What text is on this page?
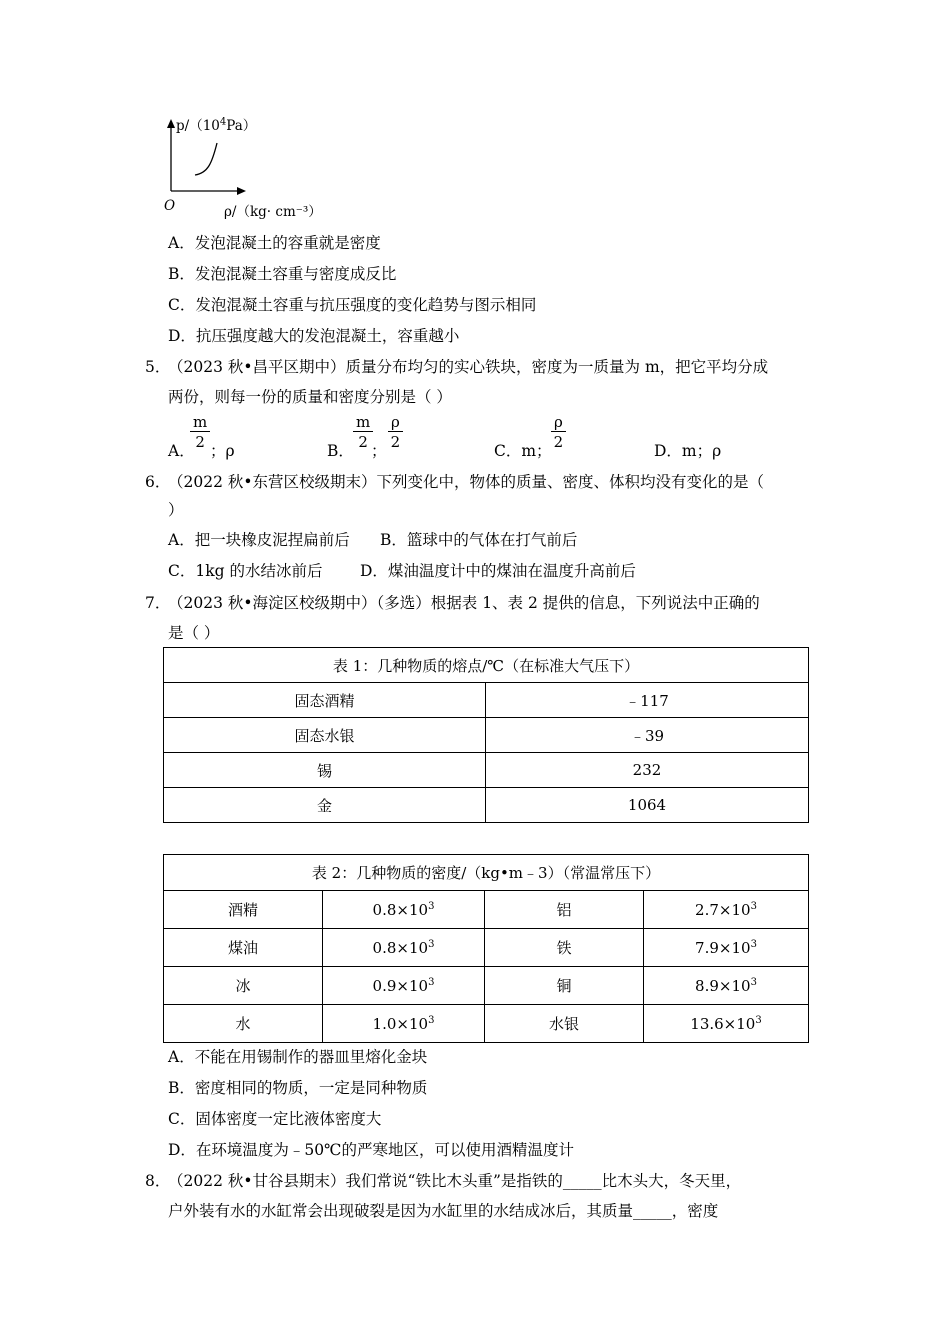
$p/(10^4Pa)$
O	ρ/（kg· cm⁻³）
A．发泡混凝土的容重就是密度
B．发泡混凝土容重与密度成反比
C．发泡混凝土容重与抗压强度的变化趋势与图示相同
D．抗压强度越大的发泡混凝土，容重越小
5．
（2023 秋•昌平区期中）质量分布均匀的实心铁块，密度为一质量为 m，把它平均分成
两份，则每一份的质量和密度分别是（ ）
A．
$\frac{m}{2}$ ；ρ	B． $\frac{m}{2}$
； $\frac{\rho}{2}$	C．m； $\frac{\rho}{2}$	D．m；ρ
6．
（2022 秋•东营区校级期末）下列变化中，物体的质量、密度、体积均没有变化的是（
）
A．把一块橡皮泥捏扁前后 B．篮球中的气体在打气前后
C．1kg 的水结冰前后 D．煤油温度计中的煤油在温度升高前后
7．
（2023 秋•海淀区校级期中）（多选）根据表 1、表 2 提供的信息，下列说法中正确的
是（ ）
表 1：几种物质的熔点/℃（在标准大气压下）	
固态酒精	﹣117
固态水银	﹣39
锡	232
金	1064
表 2：几种物质的密度/（kg•m﹣3）（常温常压下）			
酒精	$0.8\times 10^3$	铝	$2.7\times 10^3$
煤油	$0.8\times 10^3$	铁	$7.9\times 10^3$
冰	$0.9\times 10^3$	铜	$8.9\times 10^3$
水	$1.0\times 10^3$	水银	$13.6\times 10^3$
A．不能在用锡制作的器皿里熔化金块
B．密度相同的物质，一定是同种物质
C．固体密度一定比液体密度大
D．在环境温度为﹣50℃的严寒地区，可以使用酒精温度计
8．
（2022 秋•甘谷县期末）我们常说“铁比木头重”是指铁的_____比木头大，冬天里，
户外装有水的水缸常会出现破裂是因为水缸里的水结成冰后，其质量_____，密度
